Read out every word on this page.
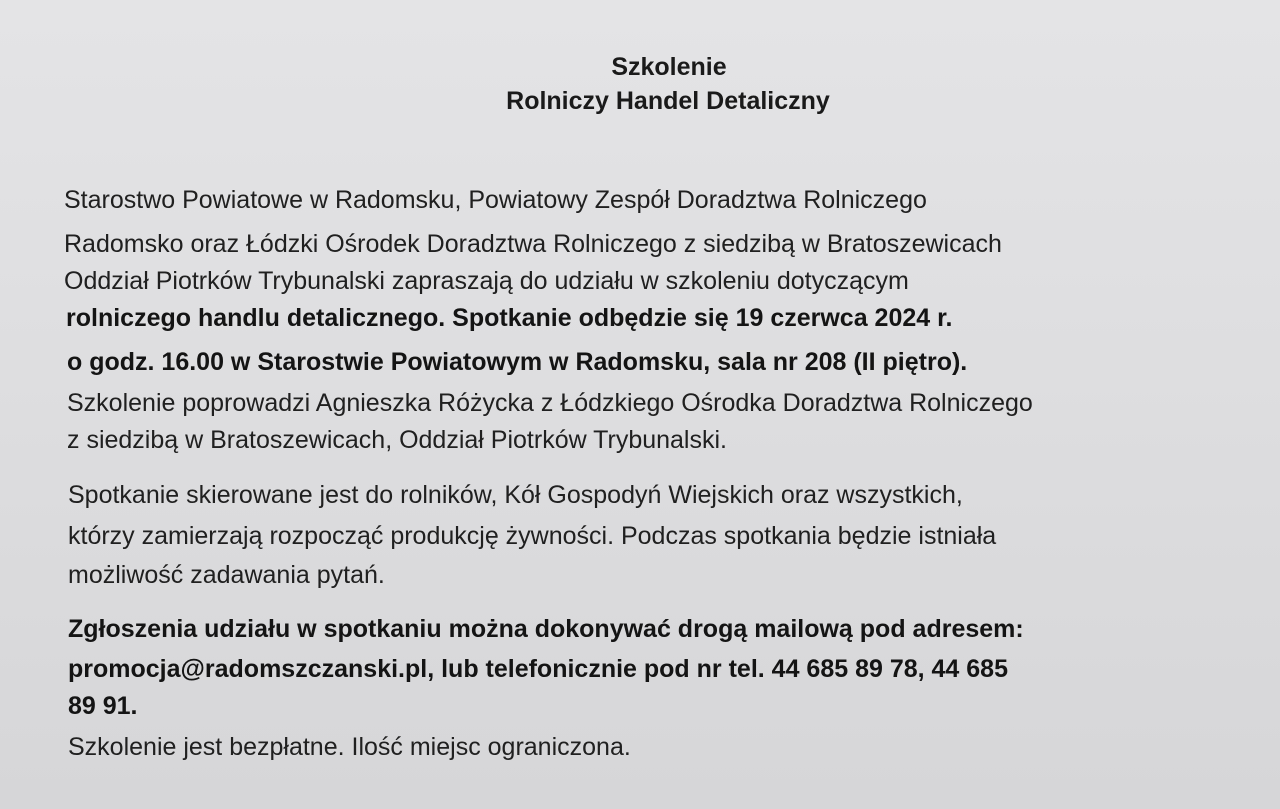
Szkolenie
Rolniczy Handel Detaliczny
Starostwo Powiatowe w Radomsku, Powiatowy Zespół Doradztwa Rolniczego
Radomsko oraz Łódzki Ośrodek Doradztwa Rolniczego z siedzibą w Bratoszewicach
Oddział Piotrków Trybunalski zapraszają do udziału w szkoleniu dotyczącym
rolniczego handlu detalicznego. Spotkanie odbędzie się 19 czerwca 2024 r.
o godz. 16.00 w Starostwie Powiatowym w Radomsku, sala nr 208 (II piętro).
Szkolenie poprowadzi Agnieszka Różycka z Łódzkiego Ośrodka Doradztwa Rolniczego
z siedzibą w Bratoszewicach, Oddział Piotrków Trybunalski.
Spotkanie skierowane jest do rolników, Kół Gospodyń Wiejskich oraz wszystkich,
którzy zamierzają rozpocząć produkcję żywności. Podczas spotkania będzie istniała
możliwość zadawania pytań.
Zgłoszenia udziału w spotkaniu można dokonywać drogą mailową pod adresem:
promocja@radomszczanski.pl, lub telefonicznie pod nr tel. 44 685 89 78, 44 685
89 91.
Szkolenie jest bezpłatne. Ilość miejsc ograniczona.
